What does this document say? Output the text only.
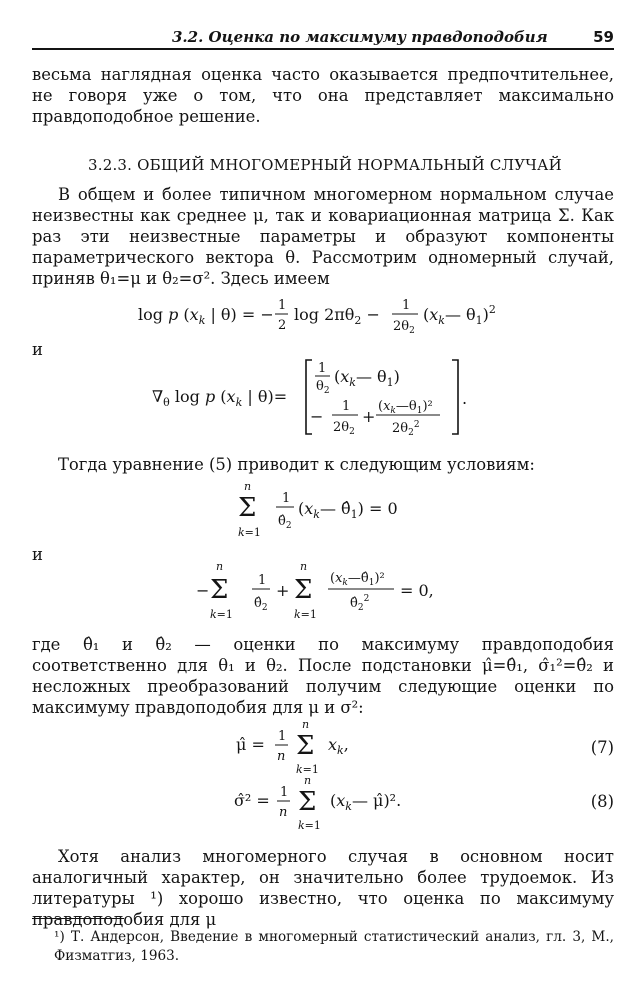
3.2. Оценка по максимуму правдоподобия	59

весьма наглядная оценка часто оказывается предпочтительнее, не говоря уже о том, что она представляет максимально правдоподобное решение.

3.2.3. ОБЩИЙ МНОГОМЕРНЫЙ НОРМАЛЬНЫЙ СЛУЧАЙ

В общем и более типичном многомерном нормальном случае неизвестны как среднее μ, так и ковариационная матрица Σ. Как раз эти неизвестные параметры и образуют компоненты параметрического вектора θ. Рассмотрим одномерный случай, приняв θ₁=μ и θ₂=σ². Здесь имеем

log p ($x_k$ | θ) = − 1
2
$\log 2\pi\theta_2 - 1$
$2\theta_2$
($x_k—$ $\theta_1)^2$
и
$\nabla_\theta$ log p ($x_k$ | θ)=
1
$\theta_2$
($x_k—$ $\theta_1$)
−
1
$2\theta_2$
+
$(x_k—\theta_1)^2$
$2\theta_2^2$
.

Тогда уравнение (5) приводит к следующим условиям:

n
Σ
k=1
1
$\thetâ_2$
($x_k—$ $\thetâ_1) = 0$
и
−
n
Σ
k=1
1
$\thetâ_2$
+
n
Σ
k=1
$(x_k—\thetâ_1)^2$
$\thetâ_2^2 = 0$,

где θ̂₁ и θ̂₂ — оценки по максимуму правдоподобия соответственно для θ₁ и θ₂. После подстановки μ̂=θ̂₁, σ̂₁²=θ̂₂ и несложных преобразований получим следующие оценки по максимуму правдоподобия для μ и σ²:

μ̂ = 1
n
n
Σ
k=1
$x_k$,	(7)
σ̂² = 1
n
n
Σ
k=1
($x_k—$ μ̂)².	(8)

Хотя анализ многомерного случая в основном носит аналогичный характер, он значительно более трудоемок. Из литературы ¹) хорошо известно, что оценка по максимуму правдоподобия для μ

¹) Т. Андерсон, Введение в многомерный статистический анализ, гл. 3, М., Физматгиз, 1963.
